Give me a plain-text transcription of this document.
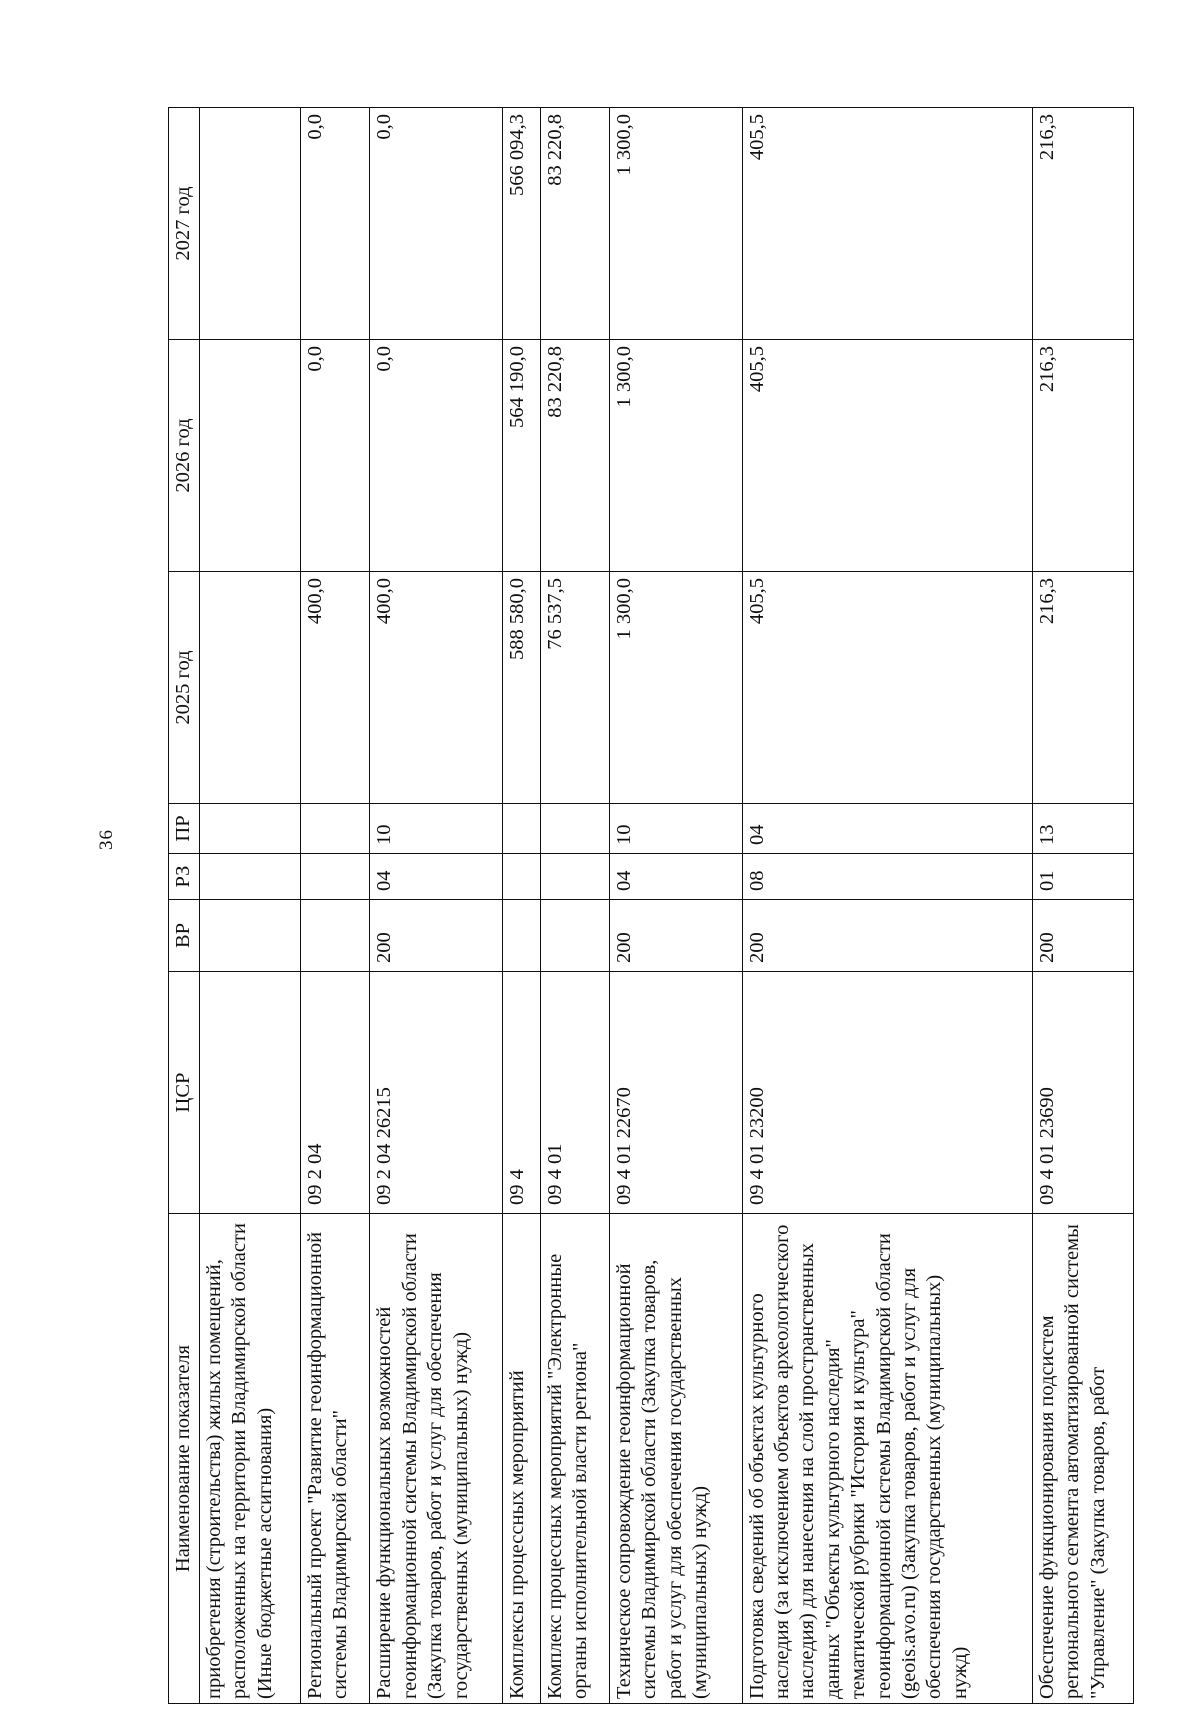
36
Наименование показателя	ЦСР	ВР	РЗ	ПР	2025 год	2026 год	2027 год
приобретения (строительства) жилых помещений, расположенных на территории Владимирской области (Иные бюджетные ассигнования)							
Региональный проект "Развитие геоинформационной системы Владимирской области"	09 2 04				400,0	0,0	0,0
Расширение функциональных возможностей геоинформационной системы Владимирской области (Закупка товаров, работ и услуг для обеспечения государственных (муниципальных) нужд)	09 2 04 26215	200	04	10	400,0	0,0	0,0
Комплексы процессных мероприятий	09 4				588 580,0	564 190,0	566 094,3
Комплекс процессных мероприятий "Электронные органы исполнительной власти региона"	09 4 01				76 537,5	83 220,8	83 220,8
Техническое сопровождение геоинформационной системы Владимирской области (Закупка товаров, работ и услуг для обеспечения государственных (муниципальных) нужд)	09 4 01 22670	200	04	10	1 300,0	1 300,0	1 300,0
Подготовка сведений об объектах культурного наследия (за исключением объектов археологического наследия) для нанесения на слой пространственных данных "Объекты культурного наследия" тематической рубрики "История и культура" геоинформационной системы Владимирской области (geois.avo.ru) (Закупка товаров, работ и услуг для обеспечения государственных (муниципальных) нужд)	09 4 01 23200	200	08	04	405,5	405,5	405,5
Обеспечение функционирования подсистем регионального сегмента автоматизированной системы "Управление" (Закупка товаров, работ	09 4 01 23690	200	01	13	216,3	216,3	216,3
